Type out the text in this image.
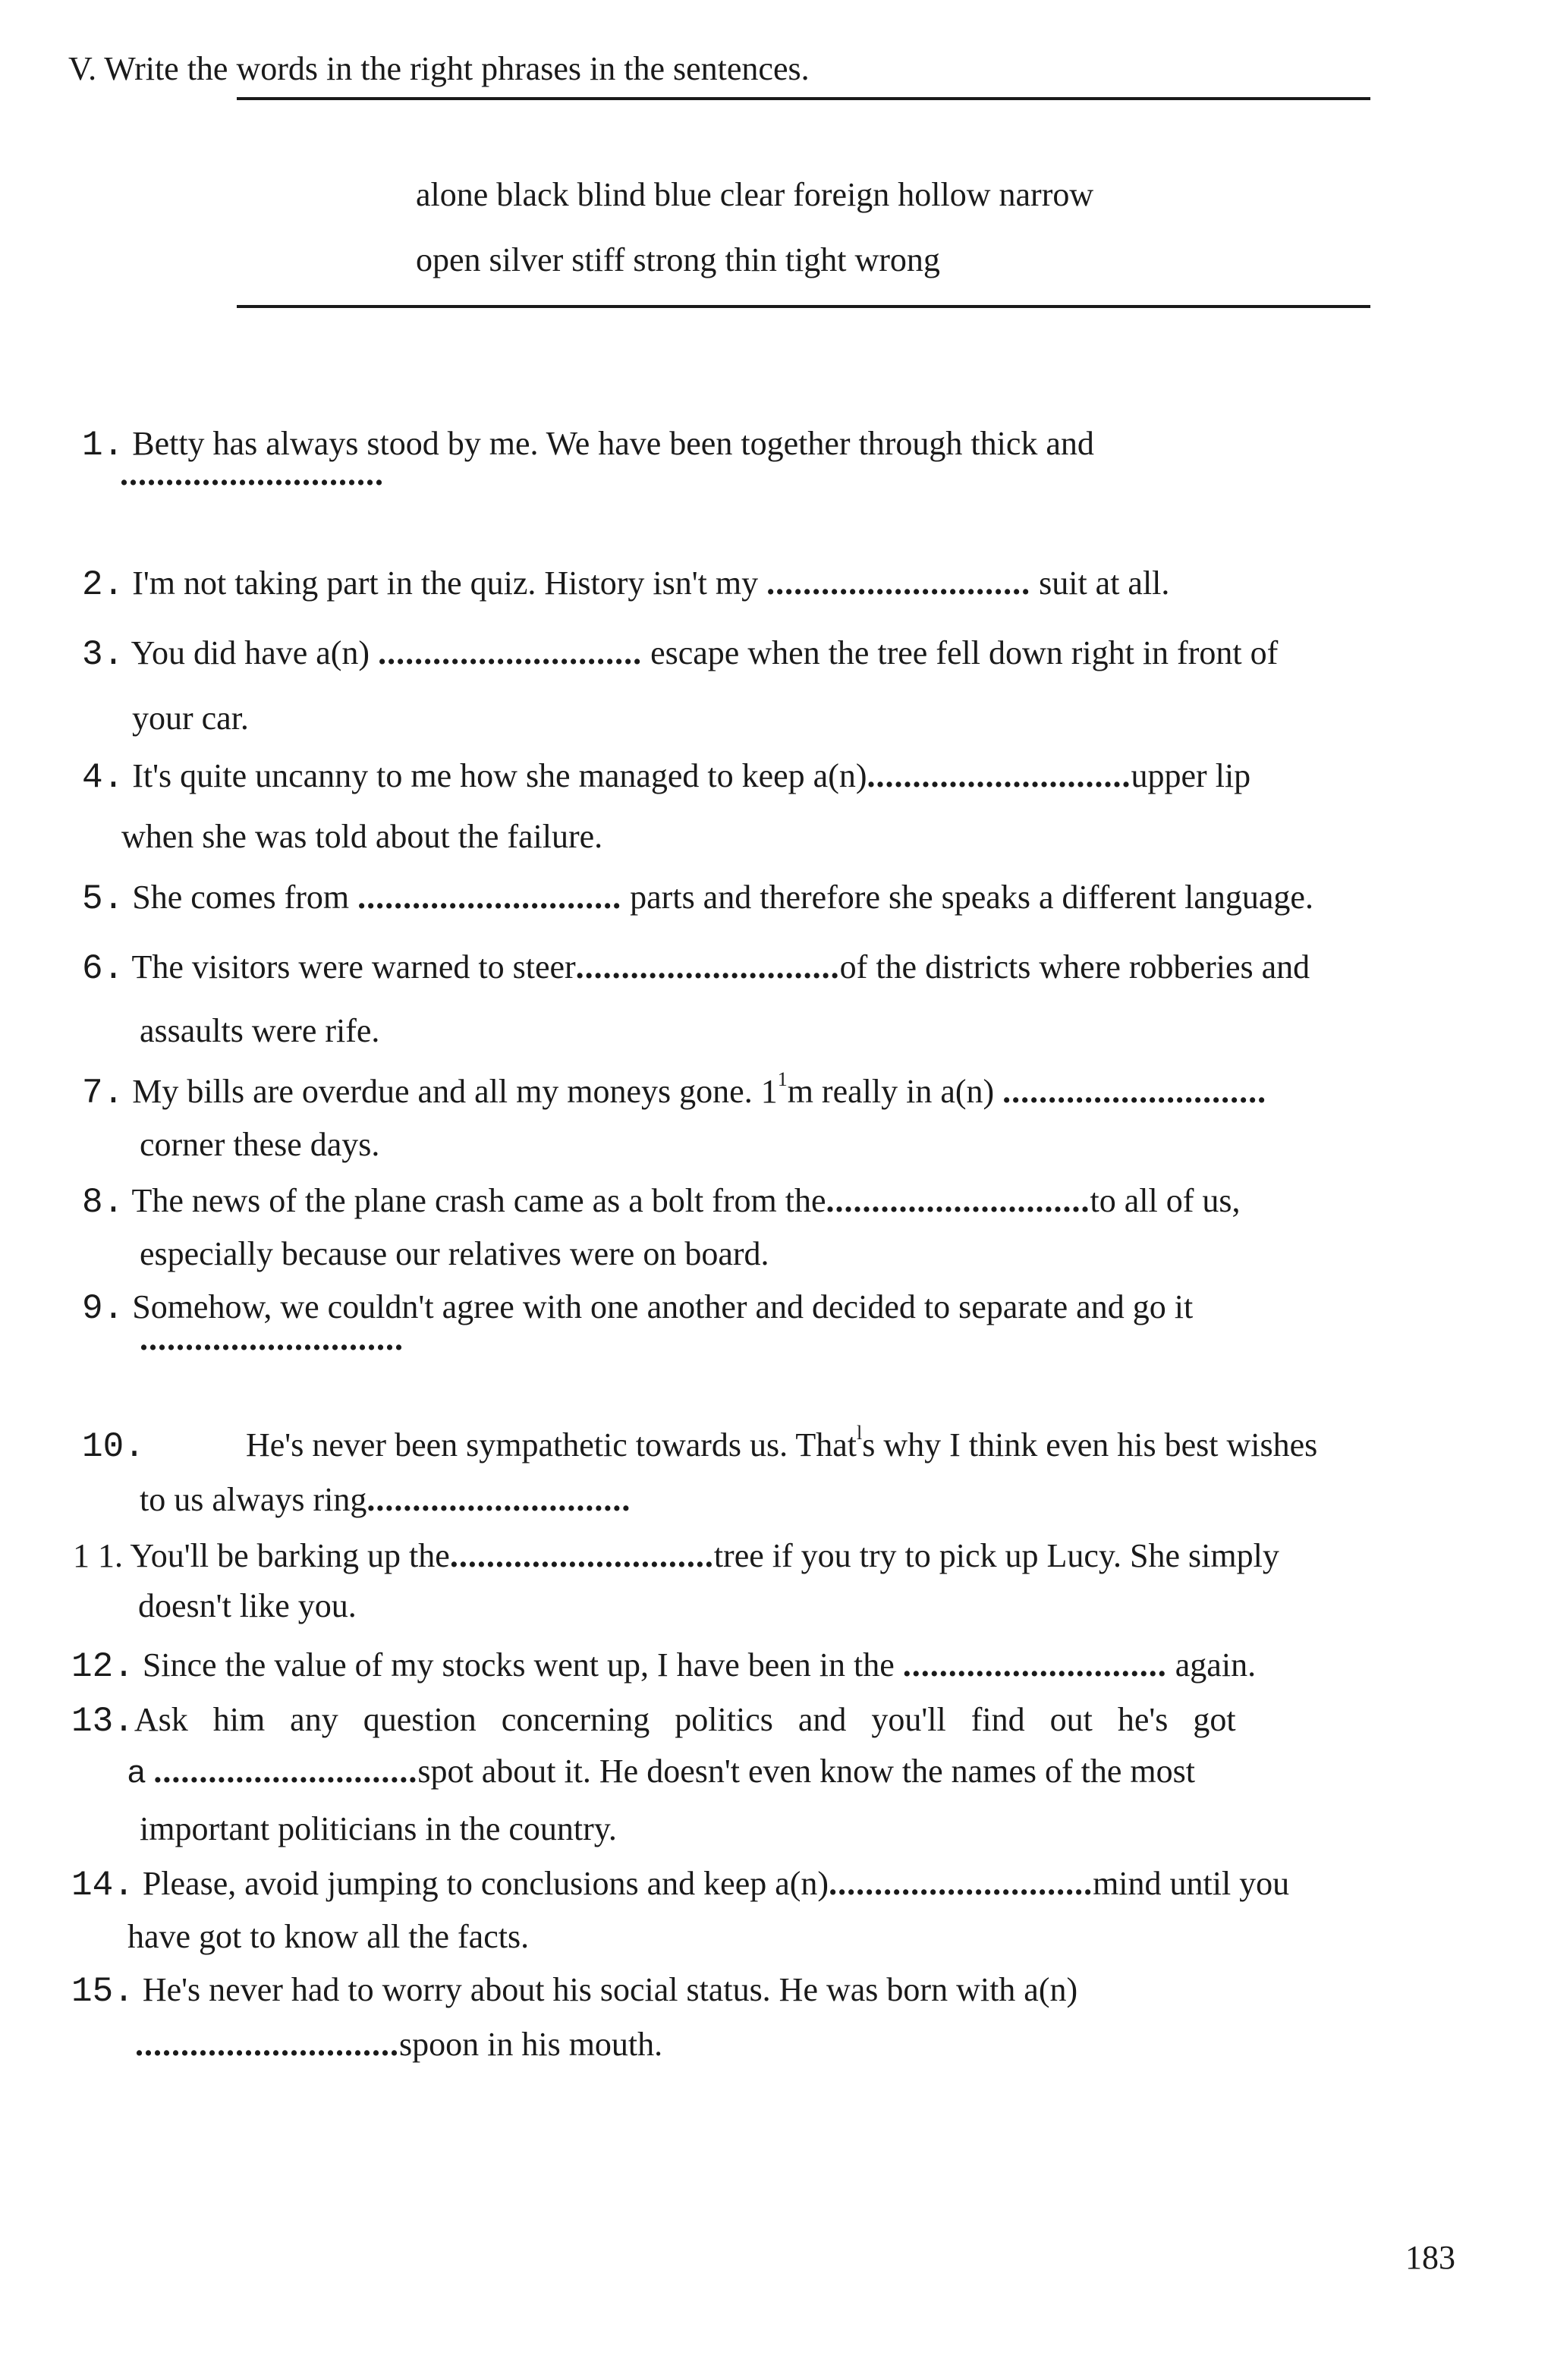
V. Write the words in the right phrases in the sentences.
alone black blind blue clear foreign hollow narrow
open silver stiff strong thin tight wrong
1. Betty has always stood by me. We have been together through thick and
.............................
2. I'm not taking part in the quiz. History isn't my ............................. suit at all.
3. You did have a(n) ............................. escape when the tree fell down right in front of
your car.
4. It's quite uncanny to me how she managed to keep a(n).............................upper lip
when she was told about the failure.
5. She comes from ............................. parts and therefore she speaks a different language.
6. The visitors were warned to steer.............................of the districts where robberies and
assaults were rife.
7. My bills are overdue and all my moneys gone. $1^1m$ really in a(n) .............................
corner these days.
8. The news of the plane crash came as a bolt from the.............................to all of us,
especially because our relatives were on board.
9. Somehow, we couldn't agree with one another and decided to separate and go it
.............................
10.	He's never been sympathetic towards us. That$^l$s why I think even his best wishes
to us always ring.............................
1 1. You'll be barking up the.............................tree if you try to pick up Lucy. She simply
doesn't like you.
12. Since the value of my stocks went up, I have been in the ............................. again.
13.Ask him any question concerning politics and you'll find out he's got
a .............................spot about it. He doesn't even know the names of the most
important politicians in the country.
14. Please, avoid jumping to conclusions and keep a(n).............................mind until you
have got to know all the facts.
15. He's never had to worry about his social status. He was born with a(n)
.............................spoon in his mouth.
183
